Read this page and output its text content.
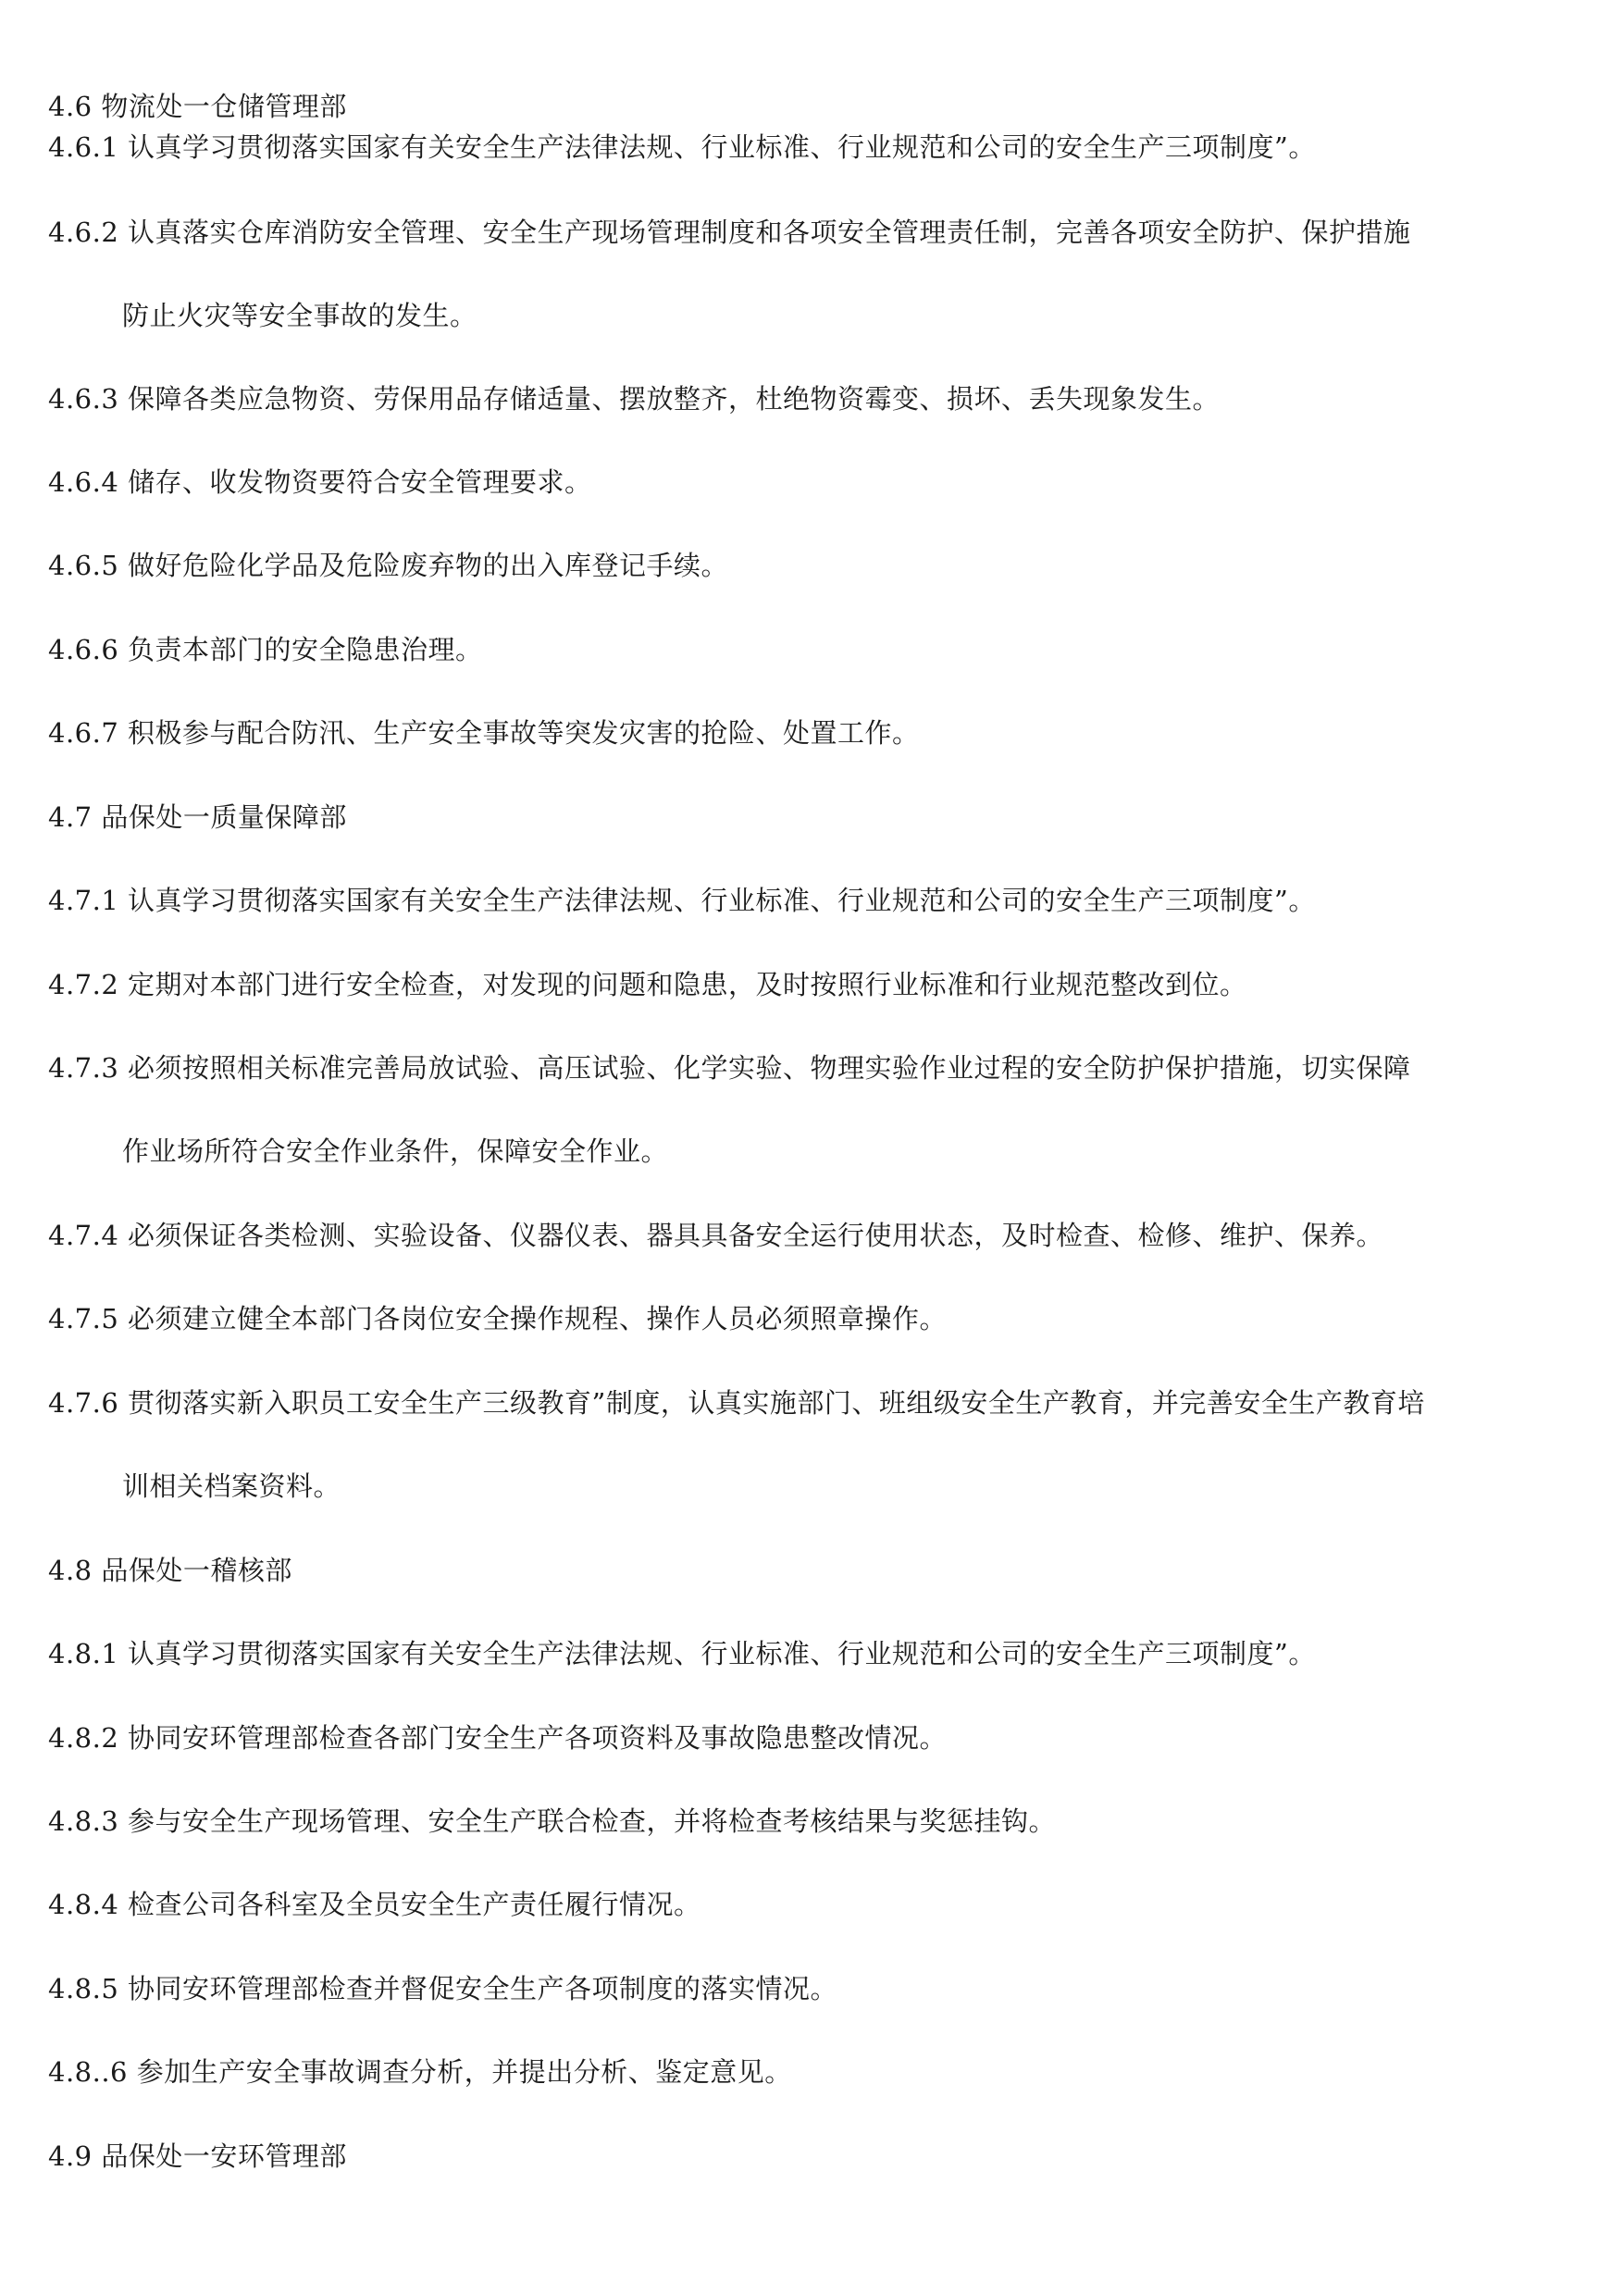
4.6 物流处一仓储管理部
4.6.1 认真学习贯彻落实国家有关安全生产法律法规、行业标准、行业规范和公司的安全生产三项制度”。
4.6.2 认真落实仓库消防安全管理、安全生产现场管理制度和各项安全管理责任制，完善各项安全防护、保护措施
防止火灾等安全事故的发生。
4.6.3 保障各类应急物资、劳保用品存储适量、摆放整齐，杜绝物资霉变、损坏、丢失现象发生。
4.6.4 储存、收发物资要符合安全管理要求。
4.6.5 做好危险化学品及危险废弃物的出入库登记手续。
4.6.6 负责本部门的安全隐患治理。
4.6.7 积极参与配合防汛、生产安全事故等突发灾害的抢险、处置工作。
4.7 品保处一质量保障部
4.7.1 认真学习贯彻落实国家有关安全生产法律法规、行业标准、行业规范和公司的安全生产三项制度”。
4.7.2 定期对本部门进行安全检查，对发现的问题和隐患，及时按照行业标准和行业规范整改到位。
4.7.3 必须按照相关标准完善局放试验、高压试验、化学实验、物理实验作业过程的安全防护保护措施，切实保障
作业场所符合安全作业条件，保障安全作业。
4.7.4 必须保证各类检测、实验设备、仪器仪表、器具具备安全运行使用状态，及时检查、检修、维护、保养。
4.7.5 必须建立健全本部门各岗位安全操作规程、操作人员必须照章操作。
4.7.6 贯彻落实新入职员工安全生产三级教育”制度，认真实施部门、班组级安全生产教育，并完善安全生产教育培
训相关档案资料。
4.8 品保处一稽核部
4.8.1 认真学习贯彻落实国家有关安全生产法律法规、行业标准、行业规范和公司的安全生产三项制度”。
4.8.2 协同安环管理部检查各部门安全生产各项资料及事故隐患整改情况。
4.8.3 参与安全生产现场管理、安全生产联合检查，并将检查考核结果与奖惩挂钩。
4.8.4 检查公司各科室及全员安全生产责任履行情况。
4.8.5 协同安环管理部检查并督促安全生产各项制度的落实情况。
4.8..6 参加生产安全事故调查分析，并提出分析、鉴定意见。
4.9 品保处一安环管理部
